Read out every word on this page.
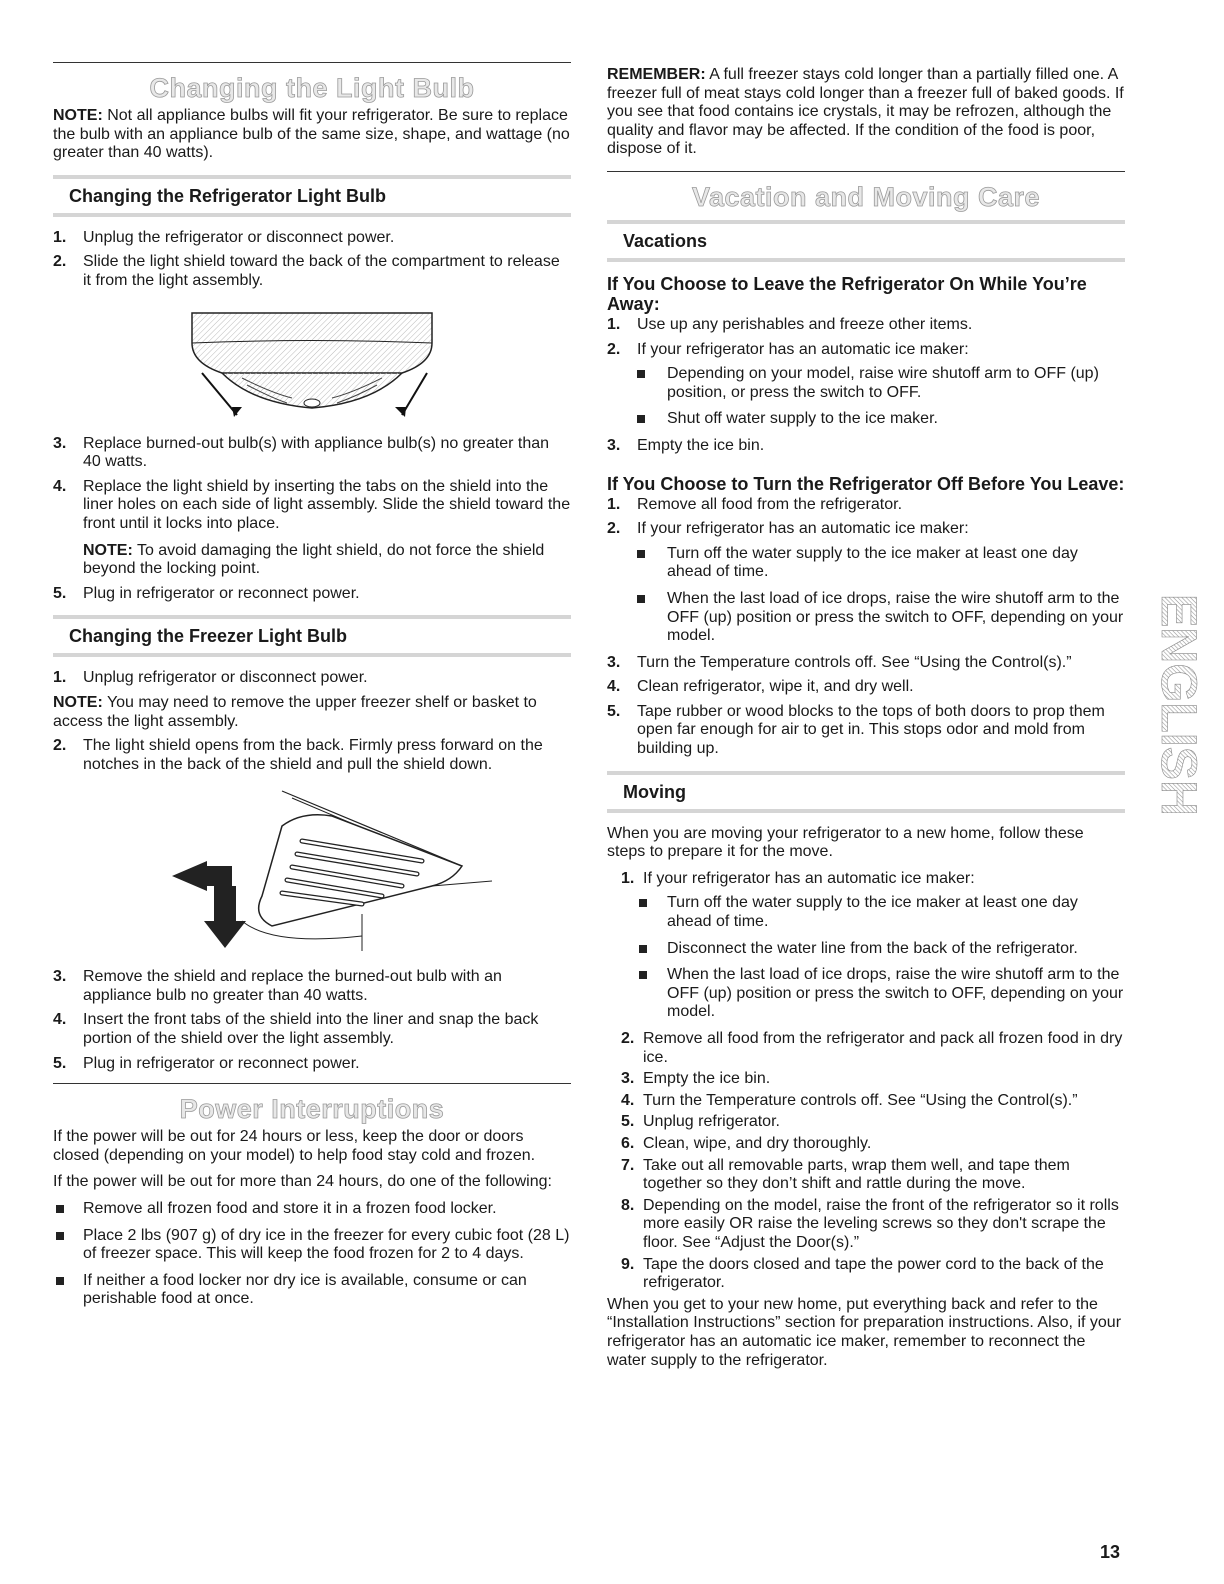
Changing the Light Bulb

NOTE: Not all appliance bulbs will fit your refrigerator. Be sure to replace the bulb with an appliance bulb of the same size, shape, and wattage (no greater than 40 watts).

Changing the Refrigerator Light Bulb
1. Unplug the refrigerator or disconnect power.
2. Slide the light shield toward the back of the compartment to release it from the light assembly.
3. Replace burned-out bulb(s) with appliance bulb(s) no greater than 40 watts.
4. Replace the light shield by inserting the tabs on the shield into the liner holes on each side of light assembly. Slide the shield toward the front until it locks into place.

NOTE: To avoid damaging the light shield, do not force the shield beyond the locking point.

5. Plug in refrigerator or reconnect power.
Changing the Freezer Light Bulb
1. Unplug refrigerator or disconnect power.

NOTE: You may need to remove the upper freezer shelf or basket to access the light assembly.

2. The light shield opens from the back. Firmly press forward on the notches in the back of the shield and pull the shield down.
3. Remove the shield and replace the burned-out bulb with an appliance bulb no greater than 40 watts.
4. Insert the front tabs of the shield into the liner and snap the back portion of the shield over the light assembly.
5. Plug in refrigerator or reconnect power.
Power Interruptions

If the power will be out for 24 hours or less, keep the door or doors closed (depending on your model) to help food stay cold and frozen.

If the power will be out for more than 24 hours, do one of the following:

Remove all frozen food and store it in a frozen food locker.
Place 2 lbs (907 g) of dry ice in the freezer for every cubic foot (28 L) of freezer space. This will keep the food frozen for 2 to 4 days.
If neither a food locker nor dry ice is available, consume or can perishable food at once.

REMEMBER: A full freezer stays cold longer than a partially filled one. A freezer full of meat stays cold longer than a freezer full of baked goods. If you see that food contains ice crystals, it may be refrozen, although the quality and flavor may be affected. If the condition of the food is poor, dispose of it.

Vacation and Moving Care
Vacations
If You Choose to Leave the Refrigerator On While You’re Away:
1. Use up any perishables and freeze other items.
2. If your refrigerator has an automatic ice maker:
Depending on your model, raise wire shutoff arm to OFF (up) position, or press the switch to OFF.
Shut off water supply to the ice maker.
3. Empty the ice bin.
If You Choose to Turn the Refrigerator Off Before You Leave:
1. Remove all food from the refrigerator.
2. If your refrigerator has an automatic ice maker:
Turn off the water supply to the ice maker at least one day ahead of time.
When the last load of ice drops, raise the wire shutoff arm to the OFF (up) position or press the switch to OFF, depending on your model.
3. Turn the Temperature controls off. See “Using the Control(s).”
4. Clean refrigerator, wipe it, and dry well.
5. Tape rubber or wood blocks to the tops of both doors to prop them open far enough for air to get in. This stops odor and mold from building up.
Moving

When you are moving your refrigerator to a new home, follow these steps to prepare it for the move.

1. If your refrigerator has an automatic ice maker:
Turn off the water supply to the ice maker at least one day ahead of time.
Disconnect the water line from the back of the refrigerator.
When the last load of ice drops, raise the wire shutoff arm to the OFF (up) position or press the switch to OFF, depending on your model.
2. Remove all food from the refrigerator and pack all frozen food in dry ice.
3. Empty the ice bin.
4. Turn the Temperature controls off. See “Using the Control(s).”
5. Unplug refrigerator.
6. Clean, wipe, and dry thoroughly.
7. Take out all removable parts, wrap them well, and tape them together so they don’t shift and rattle during the move.
8. Depending on the model, raise the front of the refrigerator so it rolls more easily OR raise the leveling screws so they don't scrape the floor. See “Adjust the Door(s).”
9. Tape the doors closed and tape the power cord to the back of the refrigerator.

When you get to your new home, put everything back and refer to the “Installation Instructions” section for preparation instructions. Also, if your refrigerator has an automatic ice maker, remember to reconnect the water supply to the refrigerator.

ENGLISH
13
